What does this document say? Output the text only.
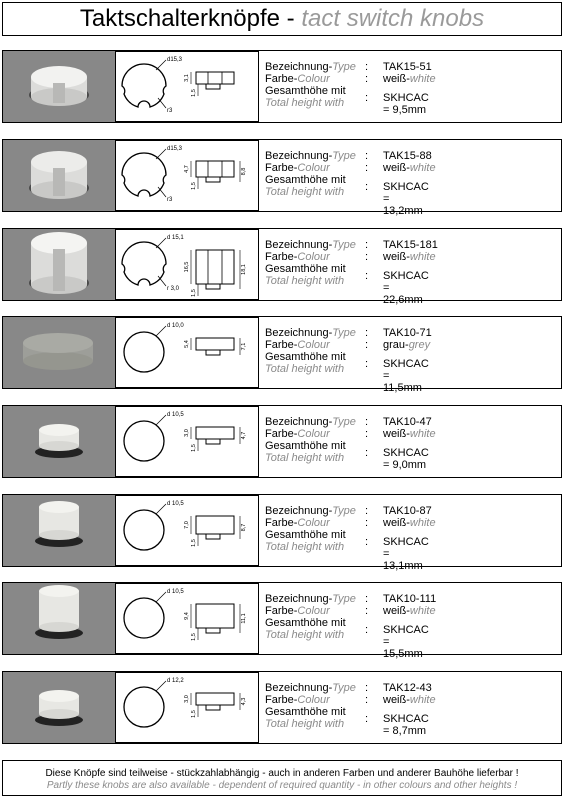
Taktschalterknöpfe - tact switch knobs
d15,3
r3
3,1
1,5
Bezeichnung-Type : TAK15-51
Farbe-Colour	: weiß-white
Gesamthöhe mit
Total height with : SKHCAC = 9,5mm
d15,3
r3
4,7	8,8
1,5
Bezeichnung-Type : TAK15-88
Farbe-Colour	: weiß-white
Gesamthöhe mit
Total height with : SKHCAC = 13,2mm
d 15,1
r 3,0
16,5	18,1
1,5
Bezeichnung-Type : TAK15-181
Farbe-Colour	: weiß-white
Gesamthöhe mit
Total height with : SKHCAC = 22,6mm
d 10,0
5,4	7,1
Bezeichnung-Type : TAK10-71
Farbe-Colour	: grau-grey
Gesamthöhe mit
Total height with : SKHCAC = 11,5mm
d 10,5
3,0	4,7
1,5
Bezeichnung-Type : TAK10-47
Farbe-Colour	: weiß-white
Gesamthöhe mit
Total height with : SKHCAC = 9,0mm
d 10,5
7,0	8,7
1,5
Bezeichnung-Type : TAK10-87
Farbe-Colour	: weiß-white
Gesamthöhe mit
Total height with : SKHCAC = 13,1mm
d 10,5
9,4	11,1
1,5
Bezeichnung-Type : TAK10-111
Farbe-Colour	: weiß-white
Gesamthöhe mit
Total height with : SKHCAC = 15,5mm
d 12,2
3,0	4,3
1,5
Bezeichnung-Type : TAK12-43
Farbe-Colour	: weiß-white
Gesamthöhe mit
Total height with : SKHCAC = 8,7mm
Diese Knöpfe sind teilweise - stückzahlabhängig - auch in anderen Farben und anderer Bauhöhe lieferbar !
Partly these knobs are also available - dependent of required quantity - in other colours and other heights !
